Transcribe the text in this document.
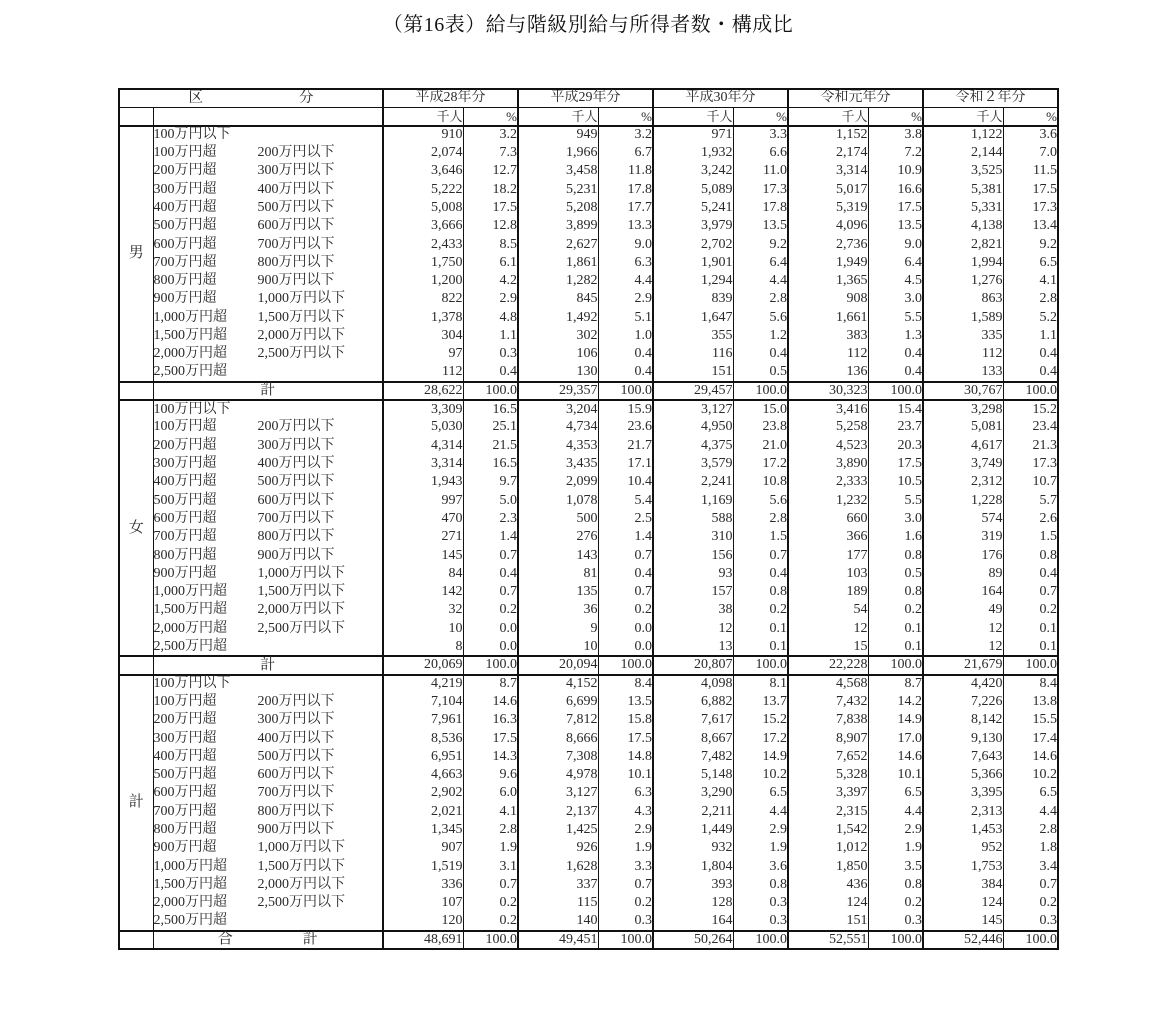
（第16表）給与階級別給与所得者数・構成比
区 分		平成28年分		平成29年分		平成30年分		令和元年分		令和２年分	
		千人	%	千人	%	千人	%	千人	%	千人	%
男	100万円以下	910	3.2	949	3.2	971	3.3	1,152	3.8	1,122	3.6
	100万円超 200万円以下	2,074	7.3	1,966	6.7	1,932	6.6	2,174	7.2	2,144	7.0
	200万円超 300万円以下	3,646	12.7	3,458	11.8	3,242	11.0	3,314	10.9	3,525	11.5
	300万円超 400万円以下	5,222	18.2	5,231	17.8	5,089	17.3	5,017	16.6	5,381	17.5
	400万円超 500万円以下	5,008	17.5	5,208	17.7	5,241	17.8	5,319	17.5	5,331	17.3
	500万円超 600万円以下	3,666	12.8	3,899	13.3	3,979	13.5	4,096	13.5	4,138	13.4
	600万円超 700万円以下	2,433	8.5	2,627	9.0	2,702	9.2	2,736	9.0	2,821	9.2
	700万円超 800万円以下	1,750	6.1	1,861	6.3	1,901	6.4	1,949	6.4	1,994	6.5
	800万円超 900万円以下	1,200	4.2	1,282	4.4	1,294	4.4	1,365	4.5	1,276	4.1
	900万円超 1,000万円以下	822	2.9	845	2.9	839	2.8	908	3.0	863	2.8
	1,000万円超 1,500万円以下	1,378	4.8	1,492	5.1	1,647	5.6	1,661	5.5	1,589	5.2
	1,500万円超 2,000万円以下	304	1.1	302	1.0	355	1.2	383	1.3	335	1.1
	2,000万円超 2,500万円以下	97	0.3	106	0.4	116	0.4	112	0.4	112	0.4
	2,500万円超	112	0.4	130	0.4	151	0.5	136	0.4	133	0.4
	計	28,622	100.0	29,357	100.0	29,457	100.0	30,323	100.0	30,767	100.0
女	100万円以下	3,309	16.5	3,204	15.9	3,127	15.0	3,416	15.4	3,298	15.2
	100万円超 200万円以下	5,030	25.1	4,734	23.6	4,950	23.8	5,258	23.7	5,081	23.4
	200万円超 300万円以下	4,314	21.5	4,353	21.7	4,375	21.0	4,523	20.3	4,617	21.3
	300万円超 400万円以下	3,314	16.5	3,435	17.1	3,579	17.2	3,890	17.5	3,749	17.3
	400万円超 500万円以下	1,943	9.7	2,099	10.4	2,241	10.8	2,333	10.5	2,312	10.7
	500万円超 600万円以下	997	5.0	1,078	5.4	1,169	5.6	1,232	5.5	1,228	5.7
	600万円超 700万円以下	470	2.3	500	2.5	588	2.8	660	3.0	574	2.6
	700万円超 800万円以下	271	1.4	276	1.4	310	1.5	366	1.6	319	1.5
	800万円超 900万円以下	145	0.7	143	0.7	156	0.7	177	0.8	176	0.8
	900万円超 1,000万円以下	84	0.4	81	0.4	93	0.4	103	0.5	89	0.4
	1,000万円超 1,500万円以下	142	0.7	135	0.7	157	0.8	189	0.8	164	0.7
	1,500万円超 2,000万円以下	32	0.2	36	0.2	38	0.2	54	0.2	49	0.2
	2,000万円超 2,500万円以下	10	0.0	9	0.0	12	0.1	12	0.1	12	0.1
	2,500万円超	8	0.0	10	0.0	13	0.1	15	0.1	12	0.1
	計	20,069	100.0	20,094	100.0	20,807	100.0	22,228	100.0	21,679	100.0
計	100万円以下	4,219	8.7	4,152	8.4	4,098	8.1	4,568	8.7	4,420	8.4
	100万円超 200万円以下	7,104	14.6	6,699	13.5	6,882	13.7	7,432	14.2	7,226	13.8
	200万円超 300万円以下	7,961	16.3	7,812	15.8	7,617	15.2	7,838	14.9	8,142	15.5
	300万円超 400万円以下	8,536	17.5	8,666	17.5	8,667	17.2	8,907	17.0	9,130	17.4
	400万円超 500万円以下	6,951	14.3	7,308	14.8	7,482	14.9	7,652	14.6	7,643	14.6
	500万円超 600万円以下	4,663	9.6	4,978	10.1	5,148	10.2	5,328	10.1	5,366	10.2
	600万円超 700万円以下	2,902	6.0	3,127	6.3	3,290	6.5	3,397	6.5	3,395	6.5
	700万円超 800万円以下	2,021	4.1	2,137	4.3	2,211	4.4	2,315	4.4	2,313	4.4
	800万円超 900万円以下	1,345	2.8	1,425	2.9	1,449	2.9	1,542	2.9	1,453	2.8
	900万円超 1,000万円以下	907	1.9	926	1.9	932	1.9	1,012	1.9	952	1.8
	1,000万円超 1,500万円以下	1,519	3.1	1,628	3.3	1,804	3.6	1,850	3.5	1,753	3.4
	1,500万円超 2,000万円以下	336	0.7	337	0.7	393	0.8	436	0.8	384	0.7
	2,000万円超 2,500万円以下	107	0.2	115	0.2	128	0.3	124	0.2	124	0.2
	2,500万円超	120	0.2	140	0.3	164	0.3	151	0.3	145	0.3
	合 計	48,691	100.0	49,451	100.0	50,264	100.0	52,551	100.0	52,446	100.0
